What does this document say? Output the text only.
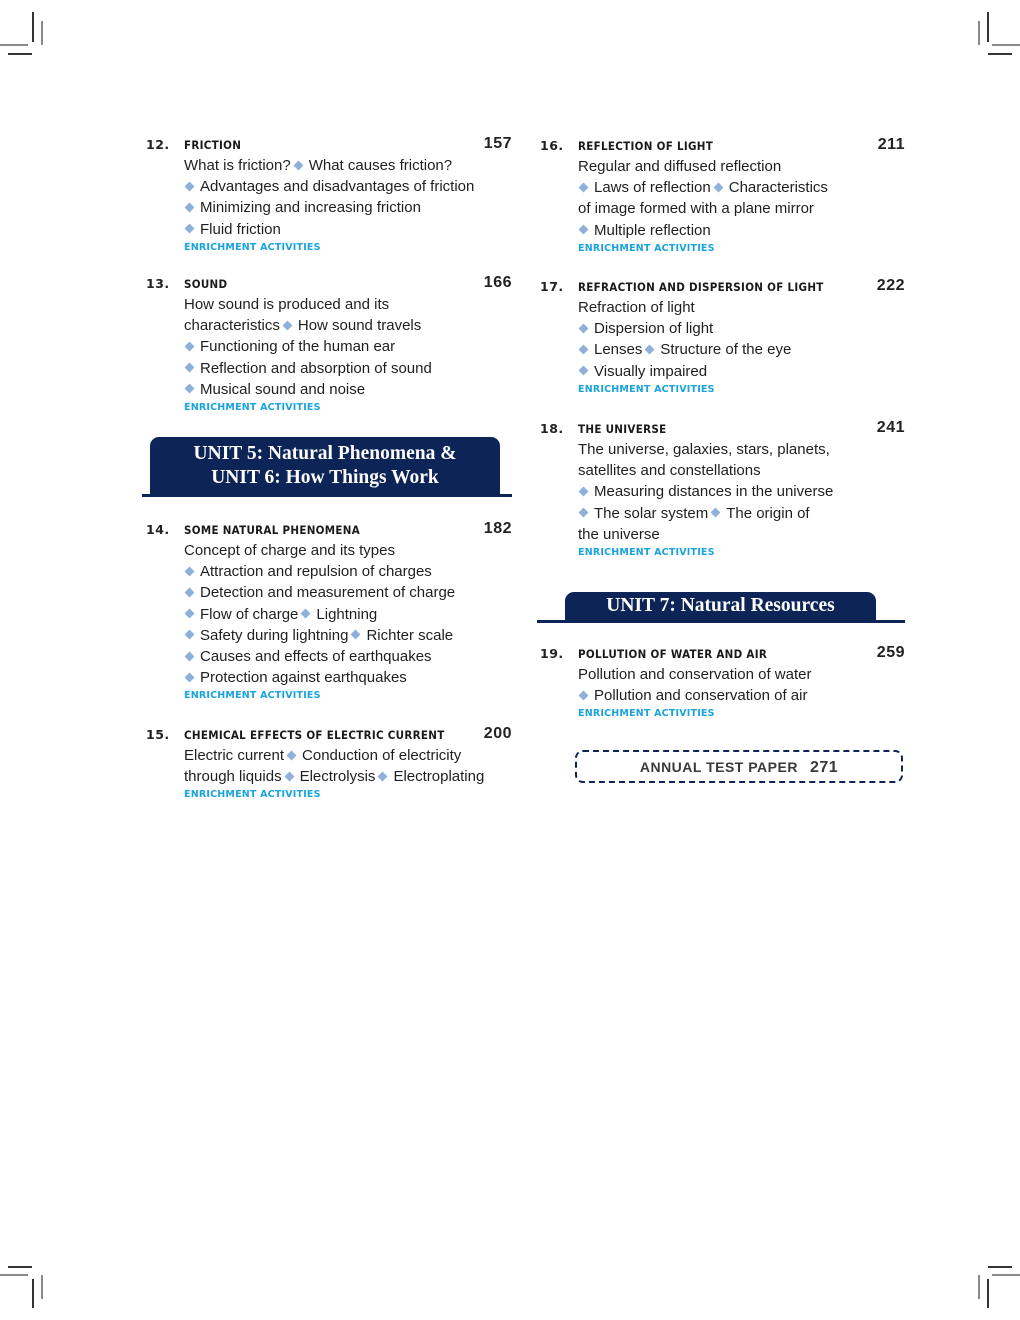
12. FRICTION	157
What is friction? What causes friction?
Advantages and disadvantages of friction
Minimizing and increasing friction
Fluid friction
ENRICHMENT ACTIVITIES
13. SOUND	166
How sound is produced and its
characteristics How sound travels
Functioning of the human ear
Reflection and absorption of sound
Musical sound and noise
ENRICHMENT ACTIVITIES
UNIT 5: Natural Phenomena &
UNIT 6: How Things Work
14. SOME NATURAL PHENOMENA	182
Concept of charge and its types
Attraction and repulsion of charges
Detection and measurement of charge
Flow of charge Lightning
Safety during lightning Richter scale
Causes and effects of earthquakes
Protection against earthquakes
ENRICHMENT ACTIVITIES
15. CHEMICAL EFFECTS OF ELECTRIC CURRENT 200
Electric current Conduction of electricity
through liquids Electrolysis Electroplating
ENRICHMENT ACTIVITIES
16. REFLECTION OF LIGHT	211
Regular and diffused reflection
Laws of reflection Characteristics
of image formed with a plane mirror
Multiple reflection
ENRICHMENT ACTIVITIES
17. REFRACTION AND DISPERSION OF LIGHT	222
Refraction of light
Dispersion of light
Lenses Structure of the eye
Visually impaired
ENRICHMENT ACTIVITIES
18. THE UNIVERSE	241
The universe, galaxies, stars, planets,
satellites and constellations
Measuring distances in the universe
The solar system The origin of
the universe
ENRICHMENT ACTIVITIES
UNIT 7: Natural Resources
19. POLLUTION OF WATER AND AIR	259
Pollution and conservation of water
Pollution and conservation of air
ENRICHMENT ACTIVITIES
ANNUAL TEST PAPER 271
